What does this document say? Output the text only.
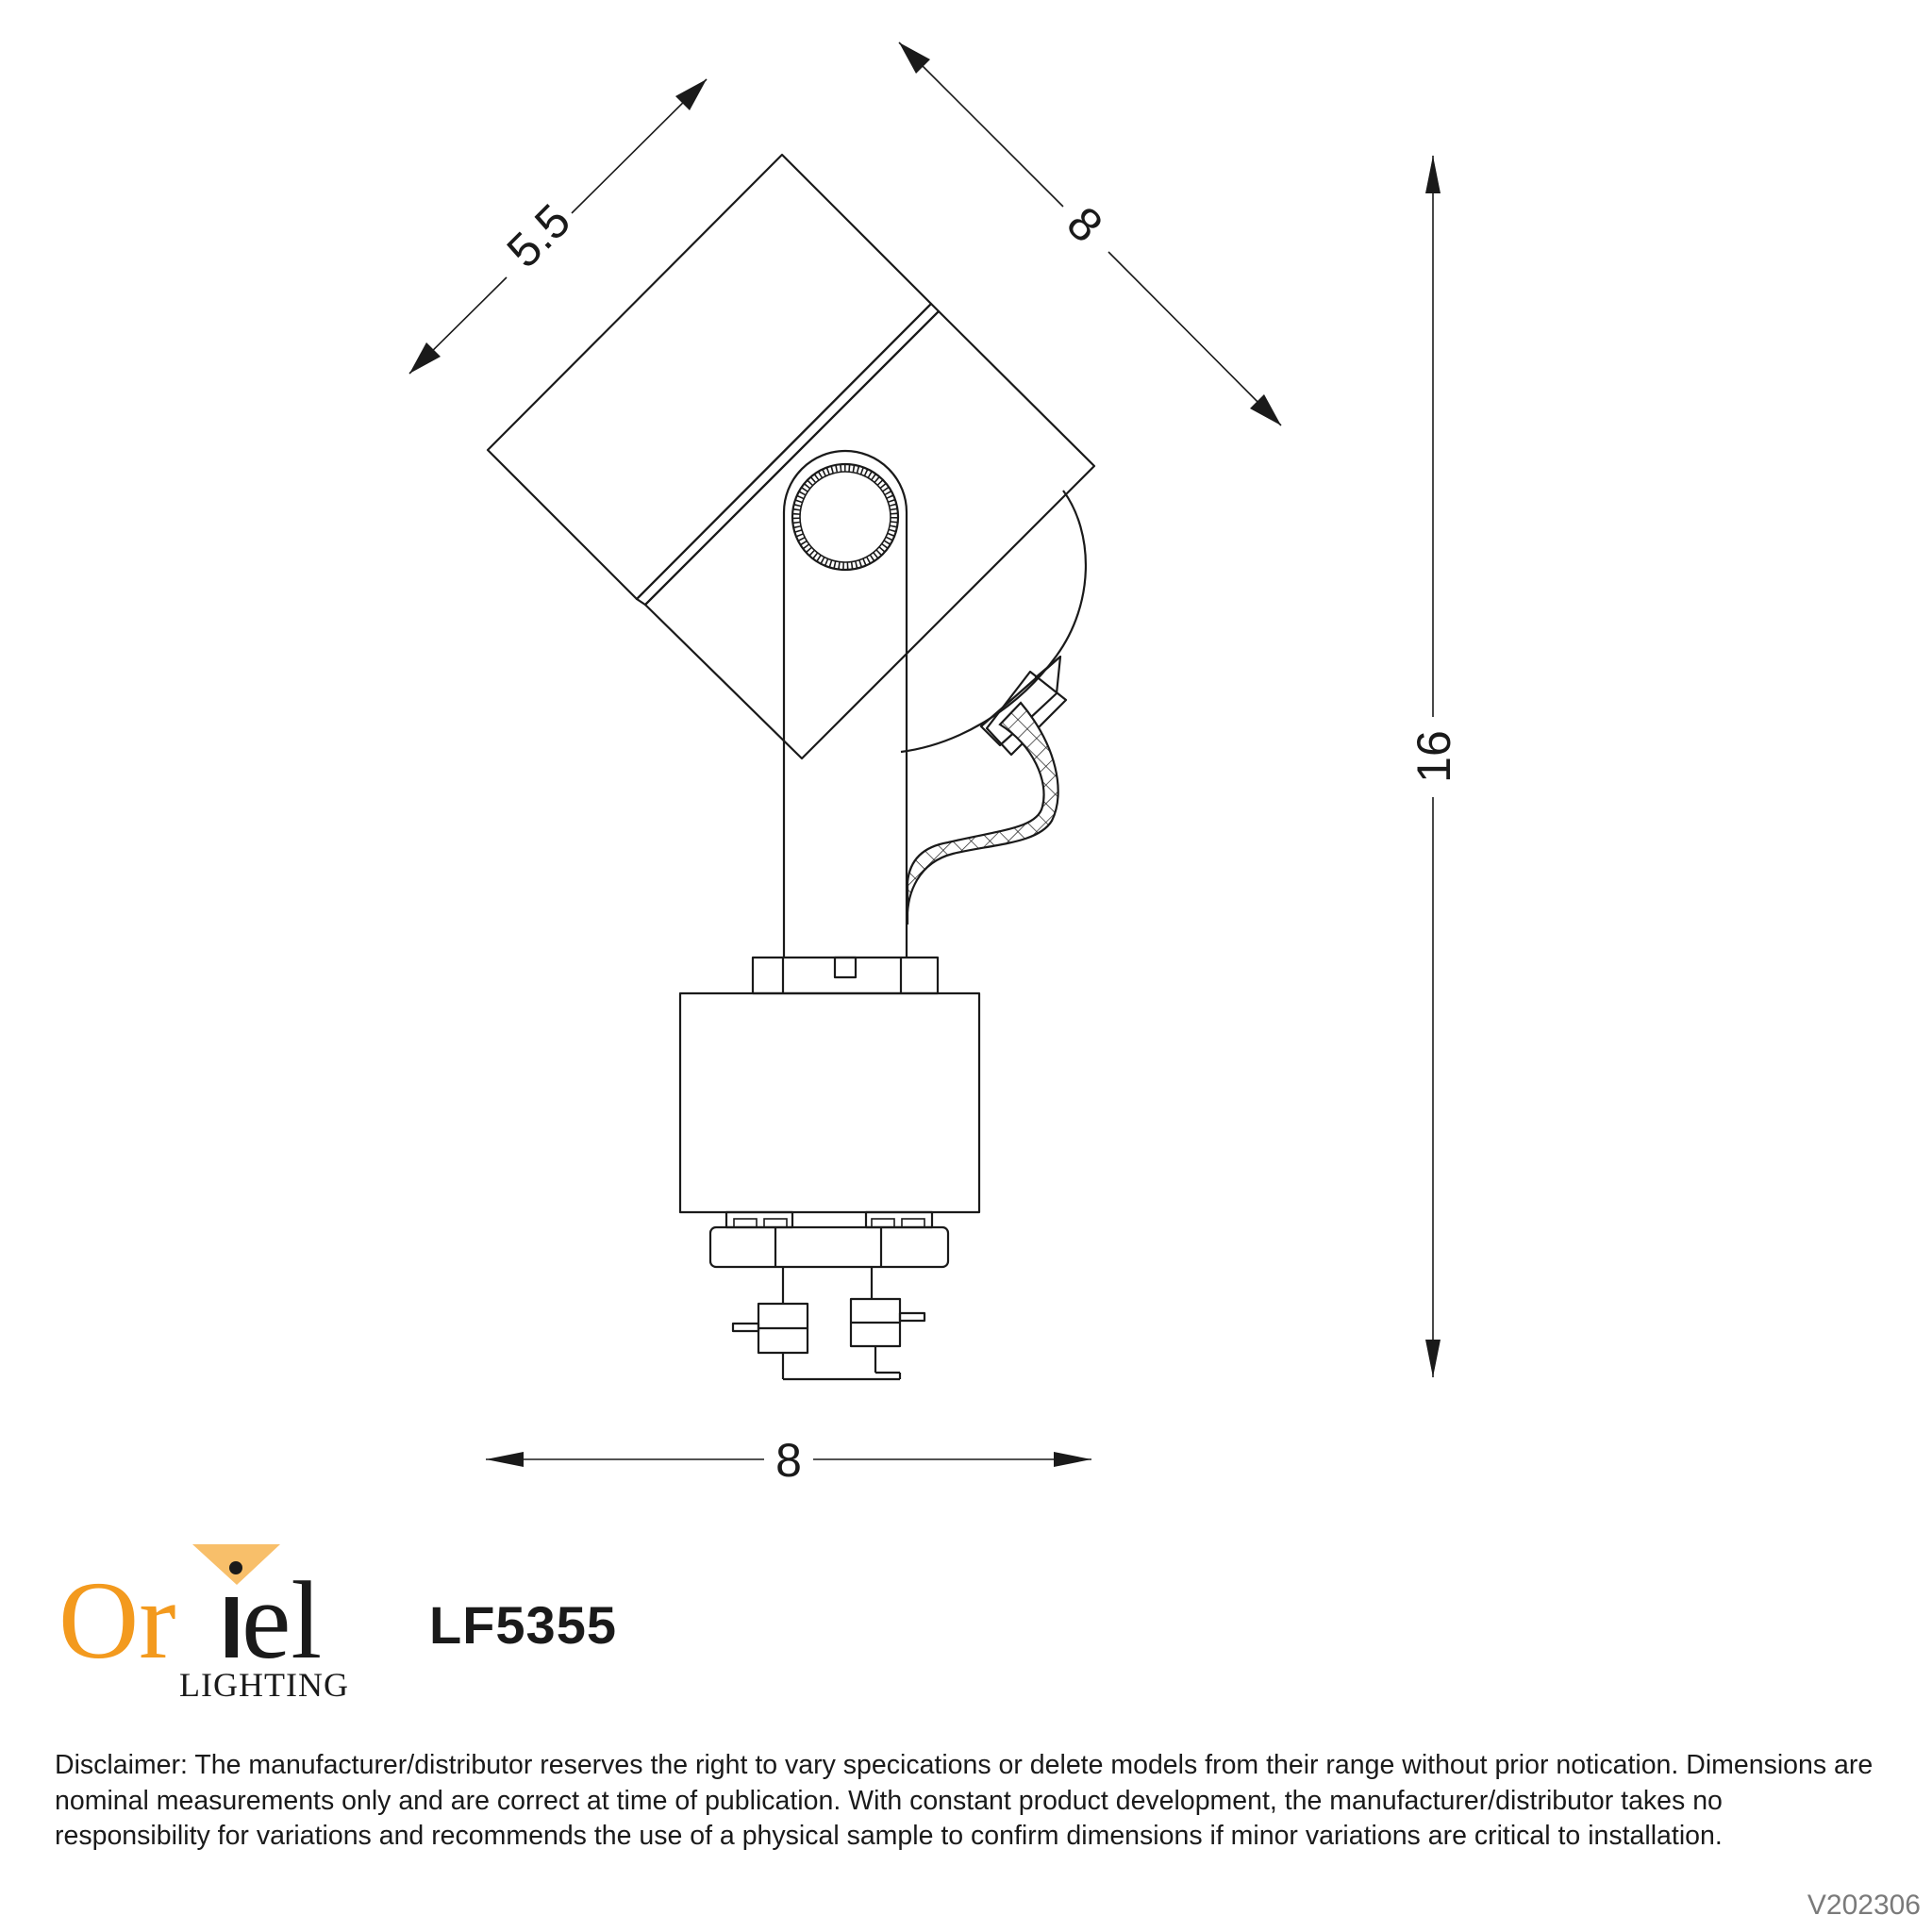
5.5	8
16
8
Or el
LIGHTING
LF5355
Disclaimer: The manufacturer/distributor reserves the right to vary specications or delete models from their range without prior notication. Dimensions are nominal measurements only and are correct at time of publication. With constant product development, the manufacturer/distributor takes no responsibility for variations and recommends the use of a physical sample to confirm dimensions if minor variations are critical to installation.
V202306
